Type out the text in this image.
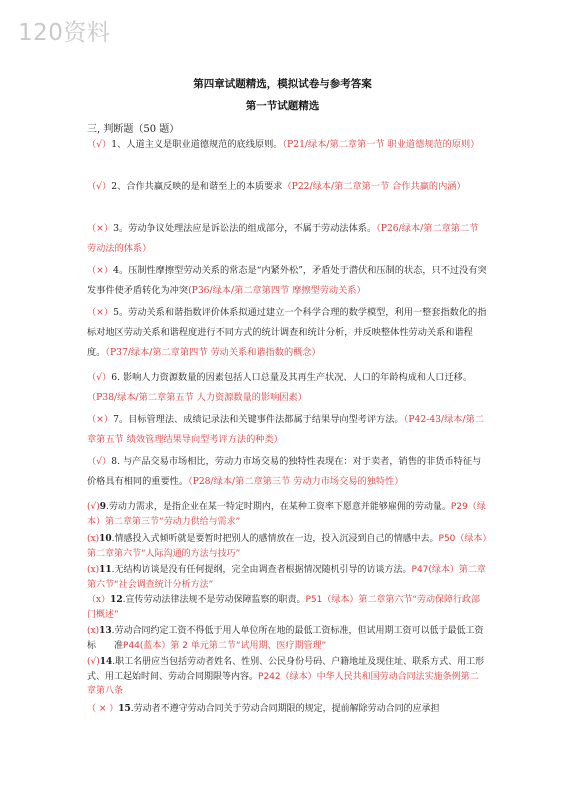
120资料
第四章试题精选，模拟试卷与参考答案
第一节试题精选
三, 判断题（50 题）
（√）1、人道主义是职业道德规范的底线原则。（P21/绿本/第二章第一节 职业道德规范的原则）
（√）2、合作共赢反映的是和谐至上的本质要求（P22/绿本/第二章第一节 合作共赢的内涵）
（×）3。劳动争议处理法应是诉讼法的组成部分，不属于劳动法体系。（P26/绿本/第二章第二节 劳动法的体系）
（×）4。压制性摩擦型劳动关系的常态是“内紧外松”，矛盾处于潜伏和压制的状态，只不过没有突发事件使矛盾转化为冲突(P36/绿本/第二章第四节 摩擦型劳动关系）
（×）5。劳动关系和谐指数评价体系拟通过建立一个科学合理的数学模型，利用一整套指数化的指标对地区劳动关系和谐程度进行不同方式的统计调查和统计分析，并反映整体性劳动关系和谐程度。（P37/绿本/第二章第四节 劳动关系和谐指数的概念）
（√）6. 影响人力资源数量的因素包括人口总量及其再生产状况、人口的年龄构成和人口迁移。（P38/绿本/第二章第五节 人力资源数量的影响因素）
（×）7。目标管理法、成绩记录法和关键事件法都属于结果导向型考评方法。（P42-43/绿本/第二章第五节 绩效管理结果导向型考评方法的种类）
（√）8. 与产品交易市场相比，劳动力市场交易的独特性表现在：对于卖者，销售的非货币特征与价格具有相同的重要性。（P28/绿本/第二章第三节 劳动力市场交易的独特性）
(√)9.劳动力需求，是指企业在某一特定时期内，在某种工资率下愿意并能够雇佣的劳动量。P29（绿本）第二章第三节“劳动力供给与需求”
(x)10.情感投入式倾听就是要暂时把别人的感情放在一边，投入沉浸到自己的情感中去。P50（绿本）第二章第六节“人际沟通的方法与技巧”
(x)11.无结构访谈是没有任何提纲，完全由调查者根据情况随机引导的访谈方法。P47(绿本）第二章第六节“社会调查统计分析方法”
（x）12.宣传劳动法律法规不是劳动保障监察的职责。P51（绿本）第二章第六节“劳动保障行政部门概述”
(x)13.劳动合同约定工资不得低于用人单位所在地的最低工资标准，但试用期工资可以低于最低工资标　　准P44(蓝本）第 2 单元第二节“试用期、医疗期管理”
(√)14.职工名册应当包括劳动者姓名、性别、公民身份号码、户籍地址及现住址、联系方式、用工形式、用工起始时间、劳动合同期限等内容。P242（绿本）中华人民共和国劳动合同法实施条例第二章第八条
（ × ）15.劳动者不遵守劳动合同关于劳动合同期限的规定，提前解除劳动合同的应承担
